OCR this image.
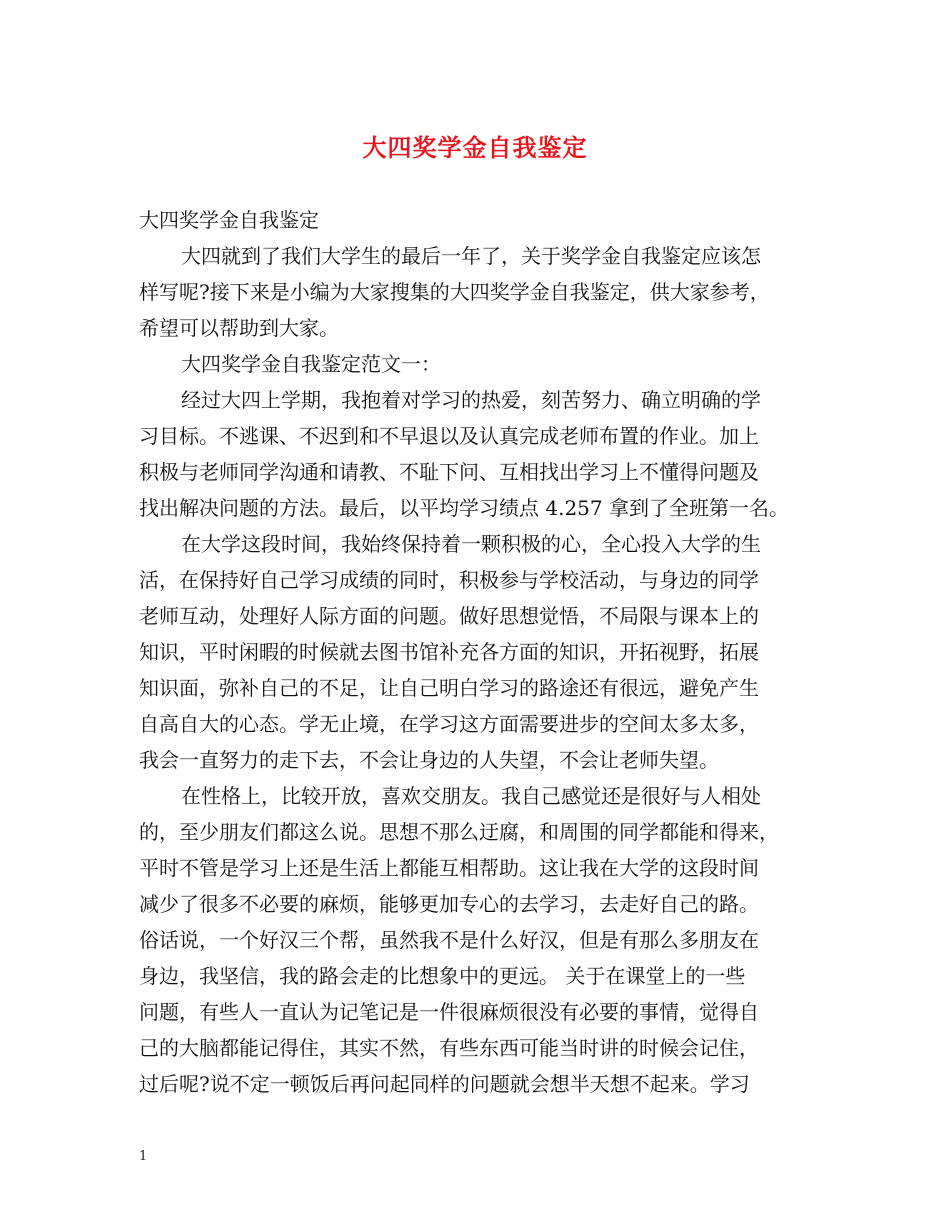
大四奖学金自我鉴定
大四奖学金自我鉴定
大四就到了我们大学生的最后一年了，关于奖学金自我鉴定应该怎
样写呢?接下来是小编为大家搜集的大四奖学金自我鉴定，供大家参考，
希望可以帮助到大家。
大四奖学金自我鉴定范文一：
经过大四上学期，我抱着对学习的热爱，刻苦努力、确立明确的学
习目标。不逃课、不迟到和不早退以及认真完成老师布置的作业。加上
积极与老师同学沟通和请教、不耻下问、互相找出学习上不懂得问题及
找出解决问题的方法。最后，以平均学习绩点 4.257 拿到了全班第一名。
在大学这段时间，我始终保持着一颗积极的心，全心投入大学的生
活，在保持好自己学习成绩的同时，积极参与学校活动，与身边的同学
老师互动，处理好人际方面的问题。做好思想觉悟，不局限与课本上的
知识，平时闲暇的时候就去图书馆补充各方面的知识，开拓视野，拓展
知识面，弥补自己的不足，让自己明白学习的路途还有很远，避免产生
自高自大的心态。学无止境，在学习这方面需要进步的空间太多太多，
我会一直努力的走下去，不会让身边的人失望，不会让老师失望。
在性格上，比较开放，喜欢交朋友。我自己感觉还是很好与人相处
的，至少朋友们都这么说。思想不那么迂腐，和周围的同学都能和得来，
平时不管是学习上还是生活上都能互相帮助。这让我在大学的这段时间
减少了很多不必要的麻烦，能够更加专心的去学习，去走好自己的路。
俗话说，一个好汉三个帮，虽然我不是什么好汉，但是有那么多朋友在
身边，我坚信，我的路会走的比想象中的更远。 关于在课堂上的一些
问题，有些人一直认为记笔记是一件很麻烦很没有必要的事情，觉得自
己的大脑都能记得住，其实不然，有些东西可能当时讲的时候会记住，
过后呢?说不定一顿饭后再问起同样的问题就会想半天想不起来。学习
1
